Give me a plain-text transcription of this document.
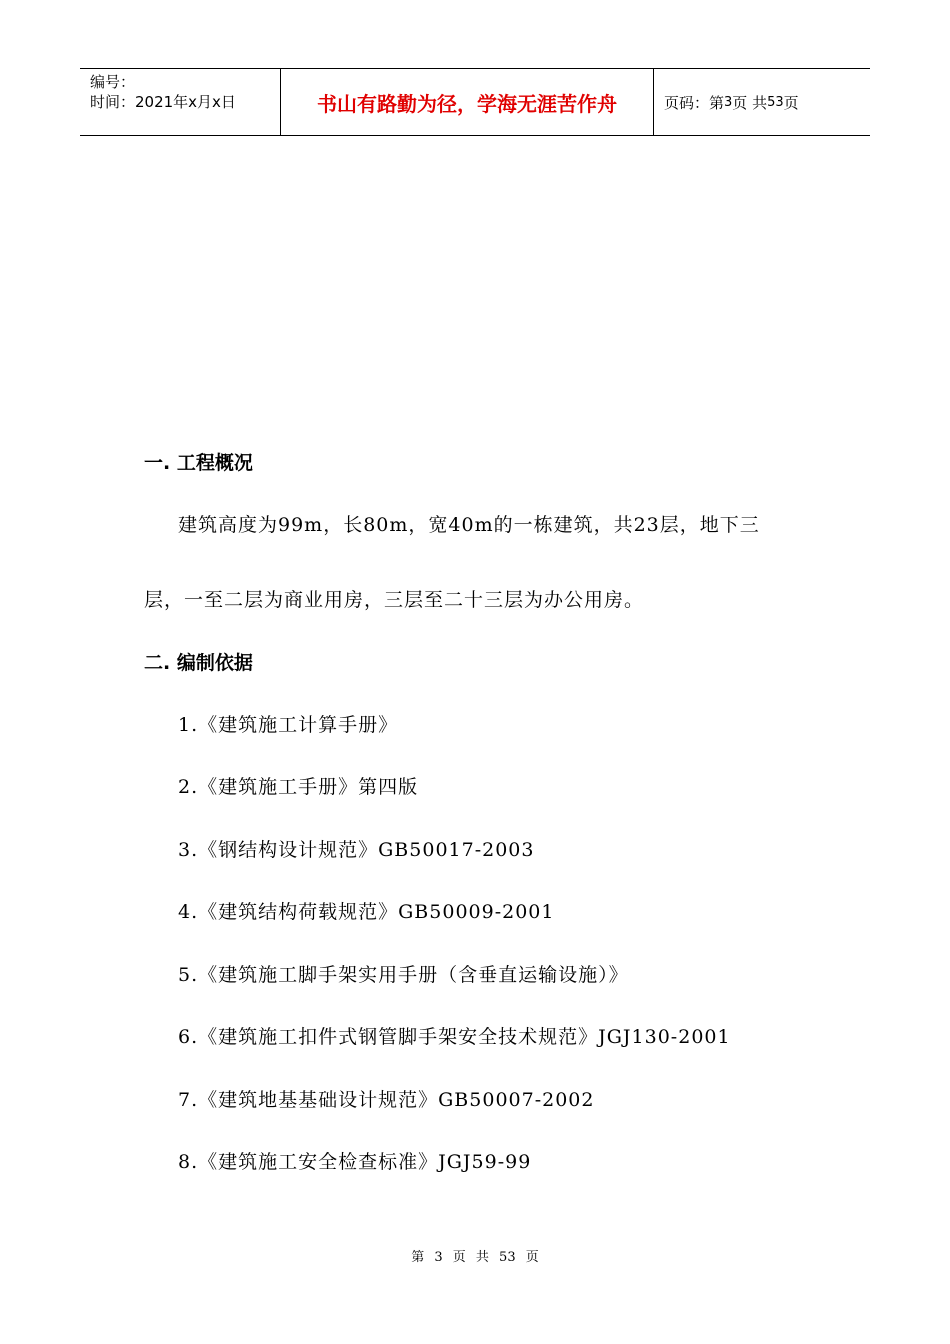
编号：
时间：2021年x月x日	书山有路勤为径，学海无涯苦作舟	页码：第 3 页 共 53 页
一. 工程概况
建筑高度为99m，长80m，宽40m的一栋建筑，共23层，地下三
层，一至二层为商业用房，三层至二十三层为办公用房。
二. 编制依据
1.《建筑施工计算手册》
2.《建筑施工手册》第四版
3.《钢结构设计规范》GB50017-2003
4.《建筑结构荷载规范》GB50009-2001
5.《建筑施工脚手架实用手册（含垂直运输设施）》
6.《建筑施工扣件式钢管脚手架安全技术规范》JGJ130-2001
7.《建筑地基基础设计规范》GB50007-2002
8.《建筑施工安全检查标准》JGJ59-99
第 3 页 共 53 页
